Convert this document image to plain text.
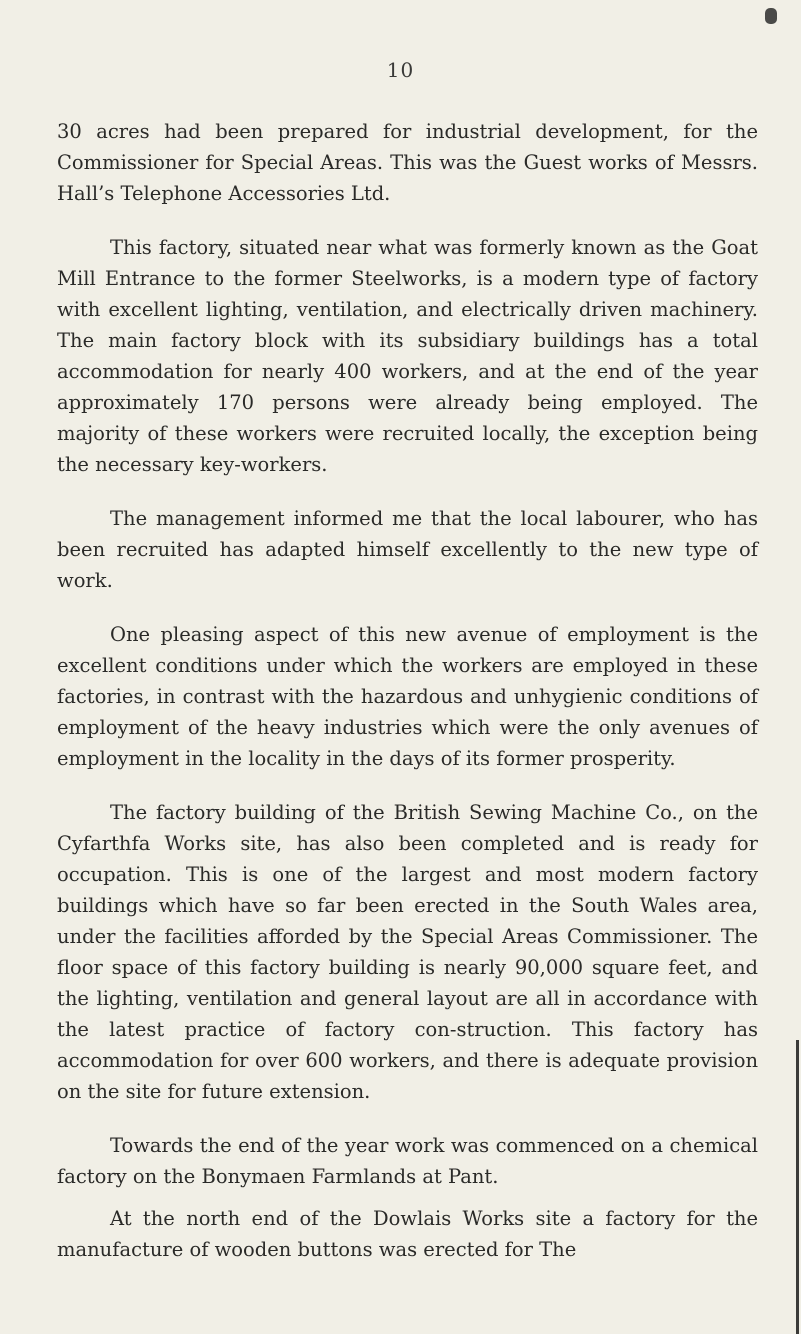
10

30 acres had been prepared for industrial development, for the Commissioner for Special Areas. This was the Guest works of Messrs. Hall’s Telephone Accessories Ltd.

This factory, situated near what was formerly known as the Goat Mill Entrance to the former Steelworks, is a modern type of factory with excellent lighting, ventilation, and electrically driven machinery. The main factory block with its subsidiary buildings has a total accommodation for nearly 400 workers, and at the end of the year approximately 170 persons were already being employed. The majority of these workers were recruited locally, the exception being the necessary key-workers.

The management informed me that the local labourer, who has been recruited has adapted himself excellently to the new type of work.

One pleasing aspect of this new avenue of employment is the excellent conditions under which the workers are employed in these factories, in contrast with the hazardous and unhygienic conditions of employment of the heavy industries which were the only avenues of employment in the locality in the days of its former prosperity.

The factory building of the British Sewing Machine Co., on the Cyfarthfa Works site, has also been completed and is ready for occupation. This is one of the largest and most modern factory buildings which have so far been erected in the South Wales area, under the facilities afforded by the Special Areas Commissioner. The floor space of this factory building is nearly 90,000 square feet, and the lighting, ventilation and general layout are all in accordance with the latest practice of factory con-struction. This factory has accommodation for over 600 workers, and there is adequate provision on the site for future extension.

Towards the end of the year work was commenced on a chemical factory on the Bonymaen Farmlands at Pant.

At the north end of the Dowlais Works site a factory for the manufacture of wooden buttons was erected for The
